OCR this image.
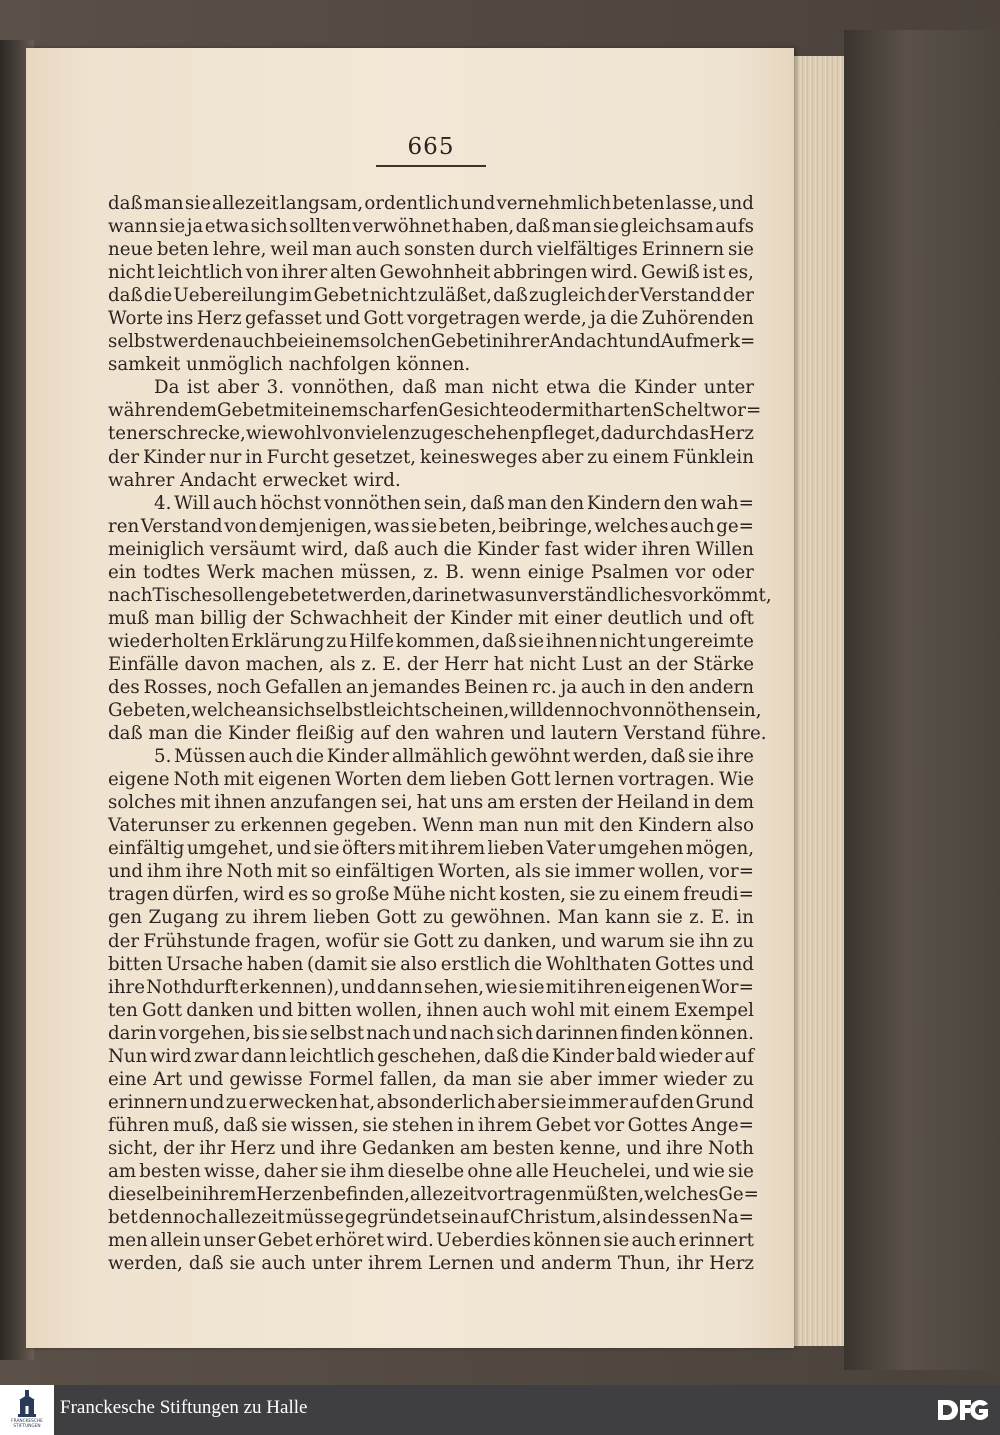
665
daß man sie allezeit langsam, ordentlich und vernehmlich beten lasse, und
wann sie ja etwa sich sollten verwöhnet haben, daß man sie gleichsam aufs
neue beten lehre, weil man auch sonsten durch vielfältiges Erinnern sie
nicht leichtlich von ihrer alten Gewohnheit abbringen wird. Gewiß ist es,
daß die Uebereilung im Gebet nicht zuläßet, daß zugleich der Verstand der
Worte ins Herz gefasset und Gott vorgetragen werde, ja die Zuhörenden
selbst werden auch bei einem solchen Gebet in ihrer Andacht und Aufmerk=
samkeit unmöglich nachfolgen können.
Da ist aber 3. vonnöthen, daß man nicht etwa die Kinder unter
währendem Gebet mit einem scharfen Gesichte oder mit harten Scheltwor=
ten erschrecke, wiewohl von vielen zu geschehen pfleget, dadurch das Herz
der Kinder nur in Furcht gesetzet, keinesweges aber zu einem Fünklein
wahrer Andacht erwecket wird.
4. Will auch höchst vonnöthen sein, daß man den Kindern den wah=
ren Verstand von demjenigen, was sie beten, beibringe, welches auch ge=
meiniglich versäumt wird, daß auch die Kinder fast wider ihren Willen
ein todtes Werk machen müssen, z. B. wenn einige Psalmen vor oder
nach Tische sollen gebetet werden, darin etwas unverständliches vorkömmt,
muß man billig der Schwachheit der Kinder mit einer deutlich und oft
wiederholten Erklärung zu Hilfe kommen, daß sie ihnen nicht ungereimte
Einfälle davon machen, als z. E. der Herr hat nicht Lust an der Stärke
des Rosses, noch Gefallen an jemandes Beinen rc. ja auch in den andern
Gebeten, welche an sich selbst leicht scheinen, will dennoch vonnöthen sein,
daß man die Kinder fleißig auf den wahren und lautern Verstand führe.
5. Müssen auch die Kinder allmählich gewöhnt werden, daß sie ihre
eigene Noth mit eigenen Worten dem lieben Gott lernen vortragen. Wie
solches mit ihnen anzufangen sei, hat uns am ersten der Heiland in dem
Vaterunser zu erkennen gegeben. Wenn man nun mit den Kindern also
einfältig umgehet, und sie öfters mit ihrem lieben Vater umgehen mögen,
und ihm ihre Noth mit so einfältigen Worten, als sie immer wollen, vor=
tragen dürfen, wird es so große Mühe nicht kosten, sie zu einem freudi=
gen Zugang zu ihrem lieben Gott zu gewöhnen. Man kann sie z. E. in
der Frühstunde fragen, wofür sie Gott zu danken, und warum sie ihn zu
bitten Ursache haben (damit sie also erstlich die Wohlthaten Gottes und
ihre Nothdurft erkennen), und dann sehen, wie sie mit ihren eigenen Wor=
ten Gott danken und bitten wollen, ihnen auch wohl mit einem Exempel
darin vorgehen, bis sie selbst nach und nach sich darinnen finden können.
Nun wird zwar dann leichtlich geschehen, daß die Kinder bald wieder auf
eine Art und gewisse Formel fallen, da man sie aber immer wieder zu
erinnern und zu erwecken hat, absonderlich aber sie immer auf den Grund
führen muß, daß sie wissen, sie stehen in ihrem Gebet vor Gottes Ange=
sicht, der ihr Herz und ihre Gedanken am besten kenne, und ihre Noth
am besten wisse, daher sie ihm dieselbe ohne alle Heuchelei, und wie sie
dieselbe in ihrem Herzen befinden, allezeit vortragen müßten, welches Ge=
bet dennoch allezeit müsse gegründet sein auf Christum, als in dessen Na=
men allein unser Gebet erhöret wird. Ueberdies können sie auch erinnert
werden, daß sie auch unter ihrem Lernen und anderm Thun, ihr Herz
FRANCKESCHE
STIFTUNGEN
Franckesche Stiftungen zu Halle
